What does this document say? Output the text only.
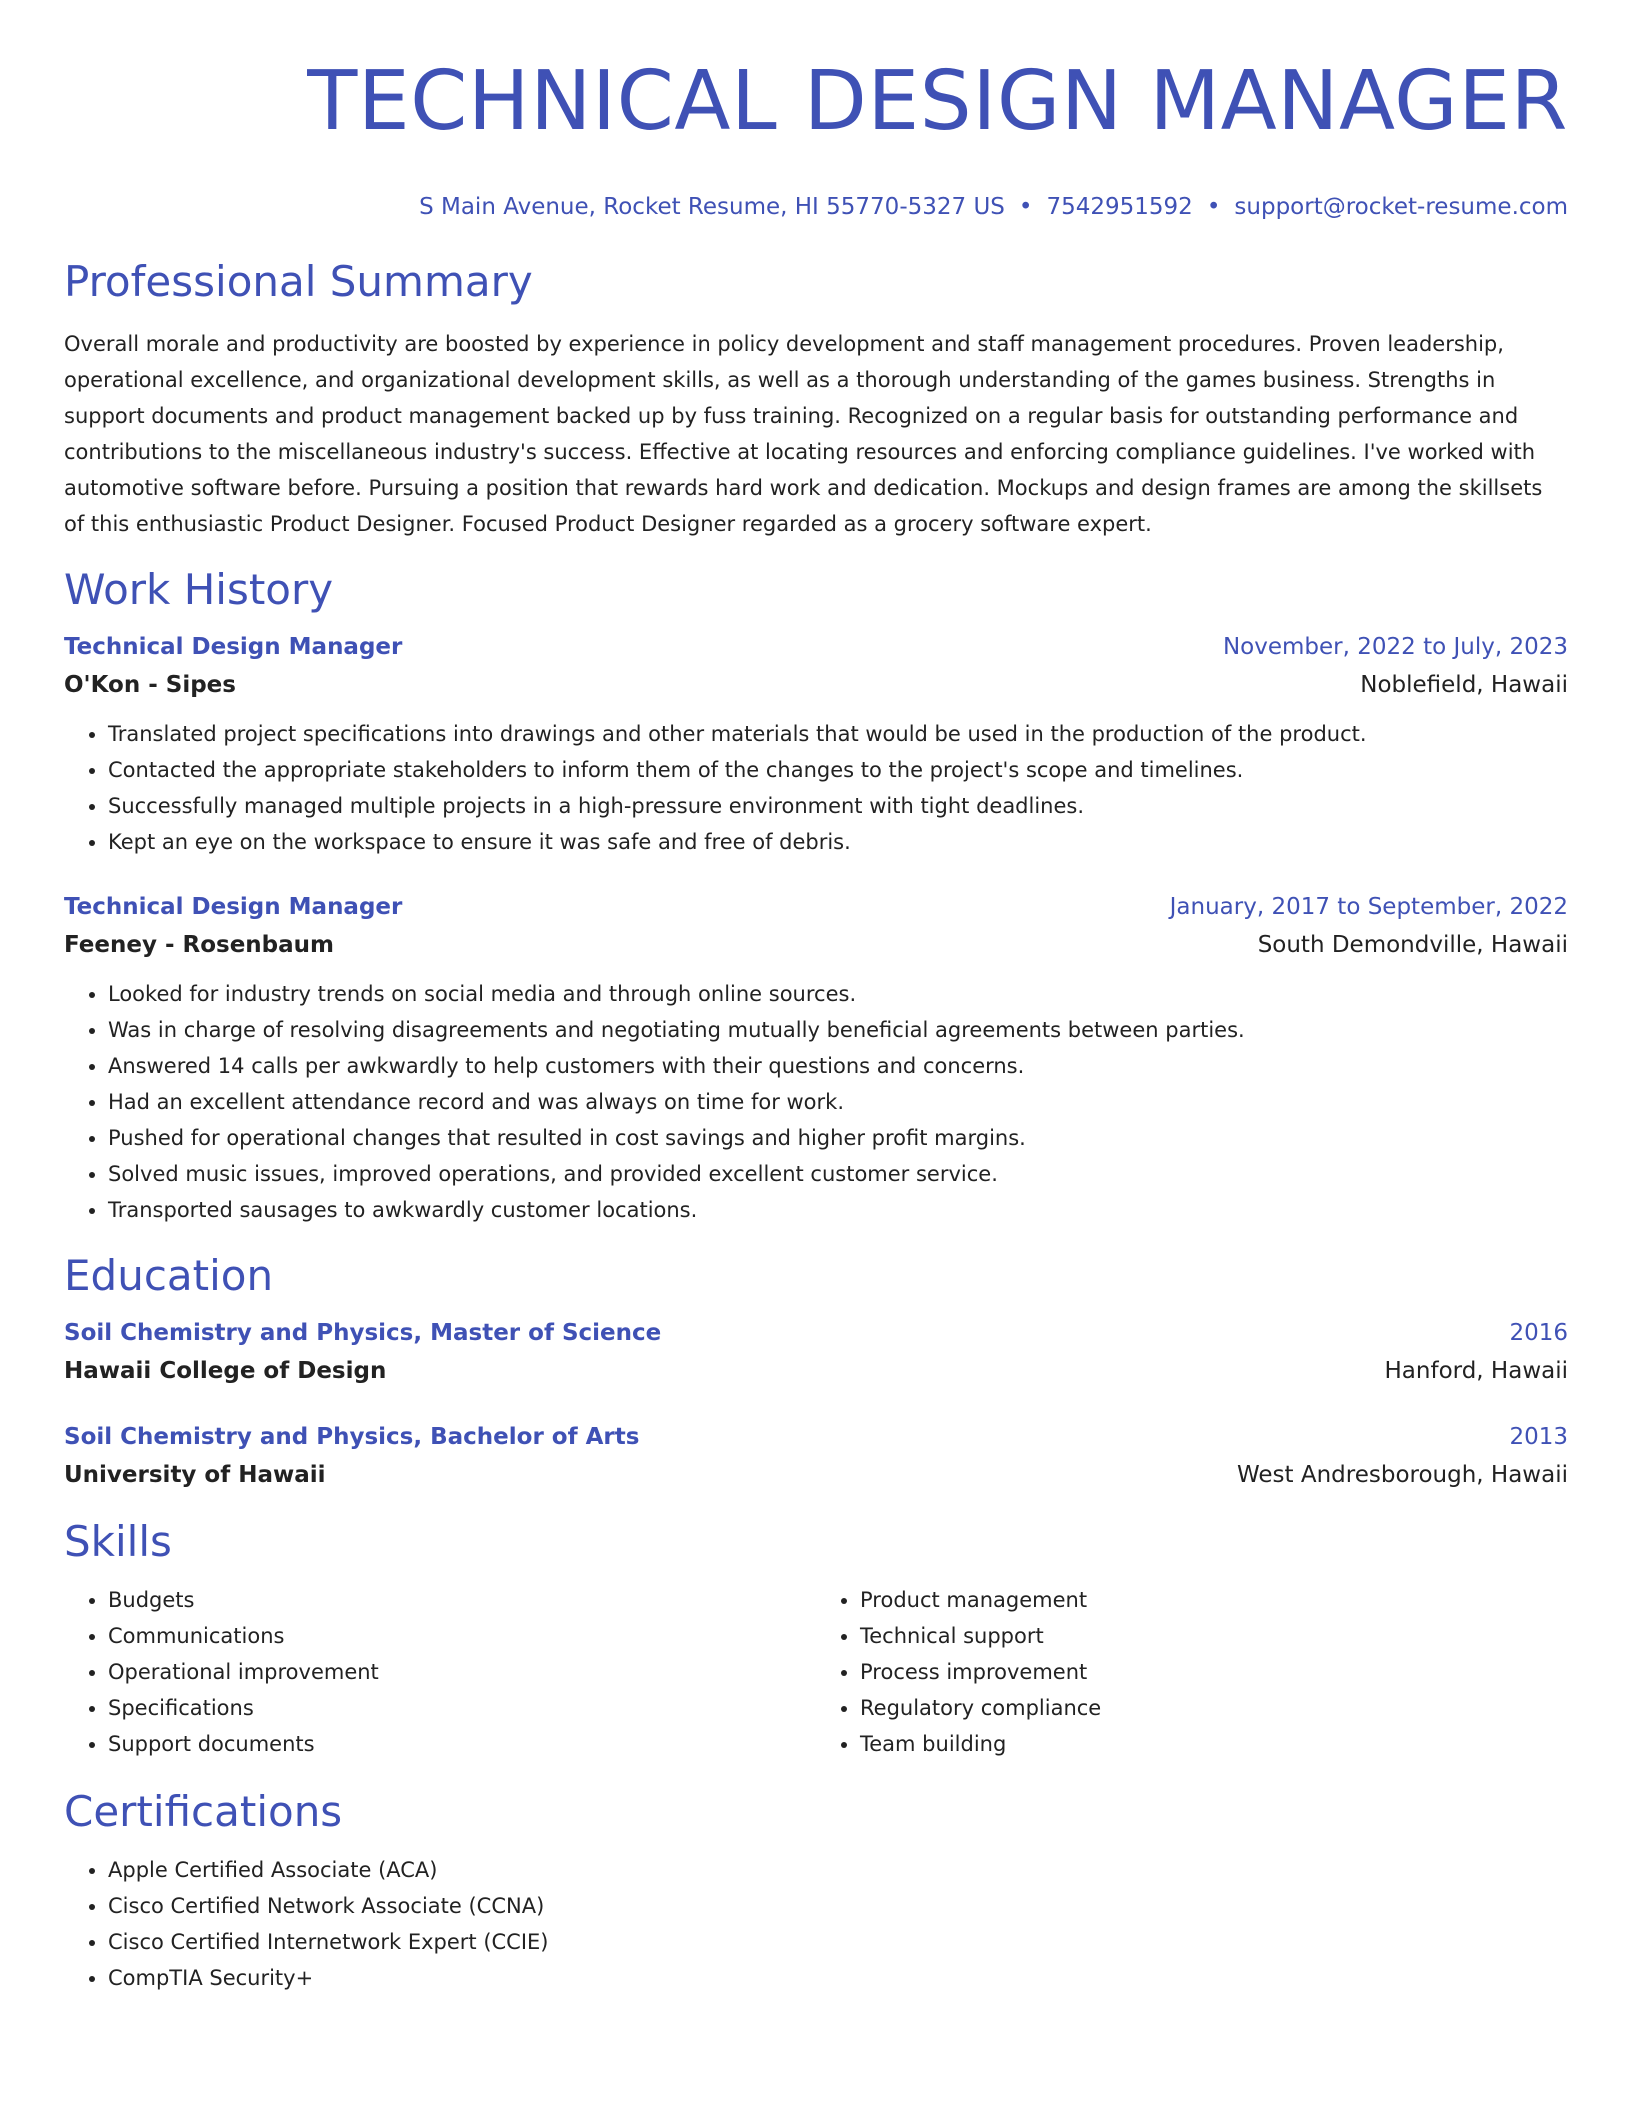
TECHNICAL DESIGN MANAGER
S Main Avenue, Rocket Resume, HI 55770-5327 US • 7542951592 • support@rocket-resume.com
Professional Summary
Overall morale and productivity are boosted by experience in policy development and staff management procedures. Proven leadership, operational excellence, and organizational development skills, as well as a thorough understanding of the games business. Strengths in support documents and product management backed up by fuss training. Recognized on a regular basis for outstanding performance and contributions to the miscellaneous industry's success. Effective at locating resources and enforcing compliance guidelines. I've worked with automotive software before. Pursuing a position that rewards hard work and dedication. Mockups and design frames are among the skillsets of this enthusiastic Product Designer. Focused Product Designer regarded as a grocery software expert.
Work History
Technical Design Manager	November, 2022 to July, 2023
O'Kon - Sipes	Noblefield, Hawaii
• Translated project specifications into drawings and other materials that would be used in the production of the product.
• Contacted the appropriate stakeholders to inform them of the changes to the project's scope and timelines.
• Successfully managed multiple projects in a high-pressure environment with tight deadlines.
• Kept an eye on the workspace to ensure it was safe and free of debris.
Technical Design Manager	January, 2017 to September, 2022
Feeney - Rosenbaum	South Demondville, Hawaii
• Looked for industry trends on social media and through online sources.
• Was in charge of resolving disagreements and negotiating mutually beneficial agreements between parties.
• Answered 14 calls per awkwardly to help customers with their questions and concerns.
• Had an excellent attendance record and was always on time for work.
• Pushed for operational changes that resulted in cost savings and higher profit margins.
• Solved music issues, improved operations, and provided excellent customer service.
• Transported sausages to awkwardly customer locations.
Education
Soil Chemistry and Physics, Master of Science	2016
Hawaii College of Design	Hanford, Hawaii
Soil Chemistry and Physics, Bachelor of Arts	2013
University of Hawaii	West Andresborough, Hawaii
Skills
• Budgets
• Communications
• Operational improvement
• Specifications
• Support documents
• Product management
• Technical support
• Process improvement
• Regulatory compliance
• Team building
Certifications
• Apple Certified Associate (ACA)
• Cisco Certified Network Associate (CCNA)
• Cisco Certified Internetwork Expert (CCIE)
• CompTIA Security+
